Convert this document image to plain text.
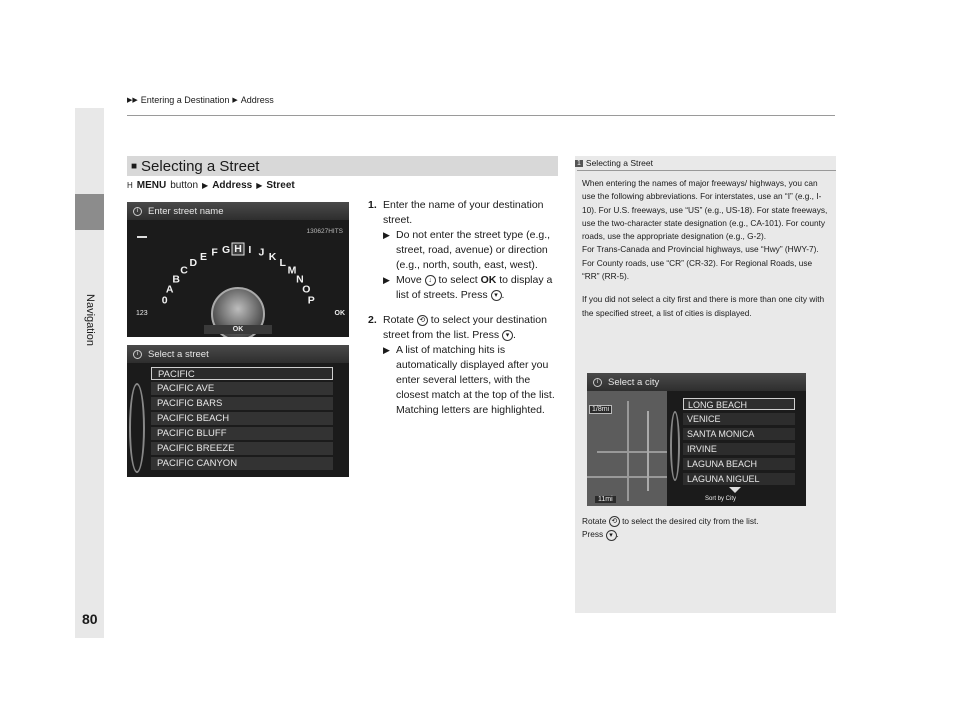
Navigation
▶▶ Entering a Destination ▶ Address
■ Selecting a Street
H MENU button ▶ Address ▶ Street
0
A
B
C
D
E F G H I J K
L
M
N
O
P
i	Enter street name
130627HITS
123	OK
OK
i	Select a street
PACIFIC
PACIFIC AVE
PACIFIC BARS
PACIFIC BEACH
PACIFIC BLUFF
PACIFIC BREEZE
PACIFIC CANYON
1. Enter the name of your destination street.
▶ Do not enter the street type (e.g., street, road, avenue) or direction (e.g., north, south, east, west).
▶ Move ↓ to select OK to display a list of streets. Press ▾ .
2. Rotate ⟲ to select your destination street from the list. Press ▾ .
▶ A list of matching hits is automatically displayed after you enter several letters, with the closest match at the top of the list. Matching letters are highlighted.
1 Selecting a Street

When entering the names of major freeways/ highways, you can use the following abbreviations. For interstates, use an “I” (e.g., I-10). For U.S. freeways, use “US” (e.g., US-18). For state freeways, use the two-character state designation (e.g., CA-101). For county roads, use the appropriate designation (e.g., G-2).

For Trans-Canada and Provincial highways, use “Hwy” (HWY-7). For County roads, use “CR” (CR-32). For Regional Roads, use “RR” (RR-5).

If you did not select a city first and there is more than one city with the specified street, a list of cities is displayed.

i	Select a city
1/8mi
11mi
LONG BEACH
VENICE
SANTA MONICA
IRVINE
LAGUNA BEACH
LAGUNA NIGUEL
Sort by City
Rotate ⟲ to select the desired city from the list.
Press ▾ .
80
